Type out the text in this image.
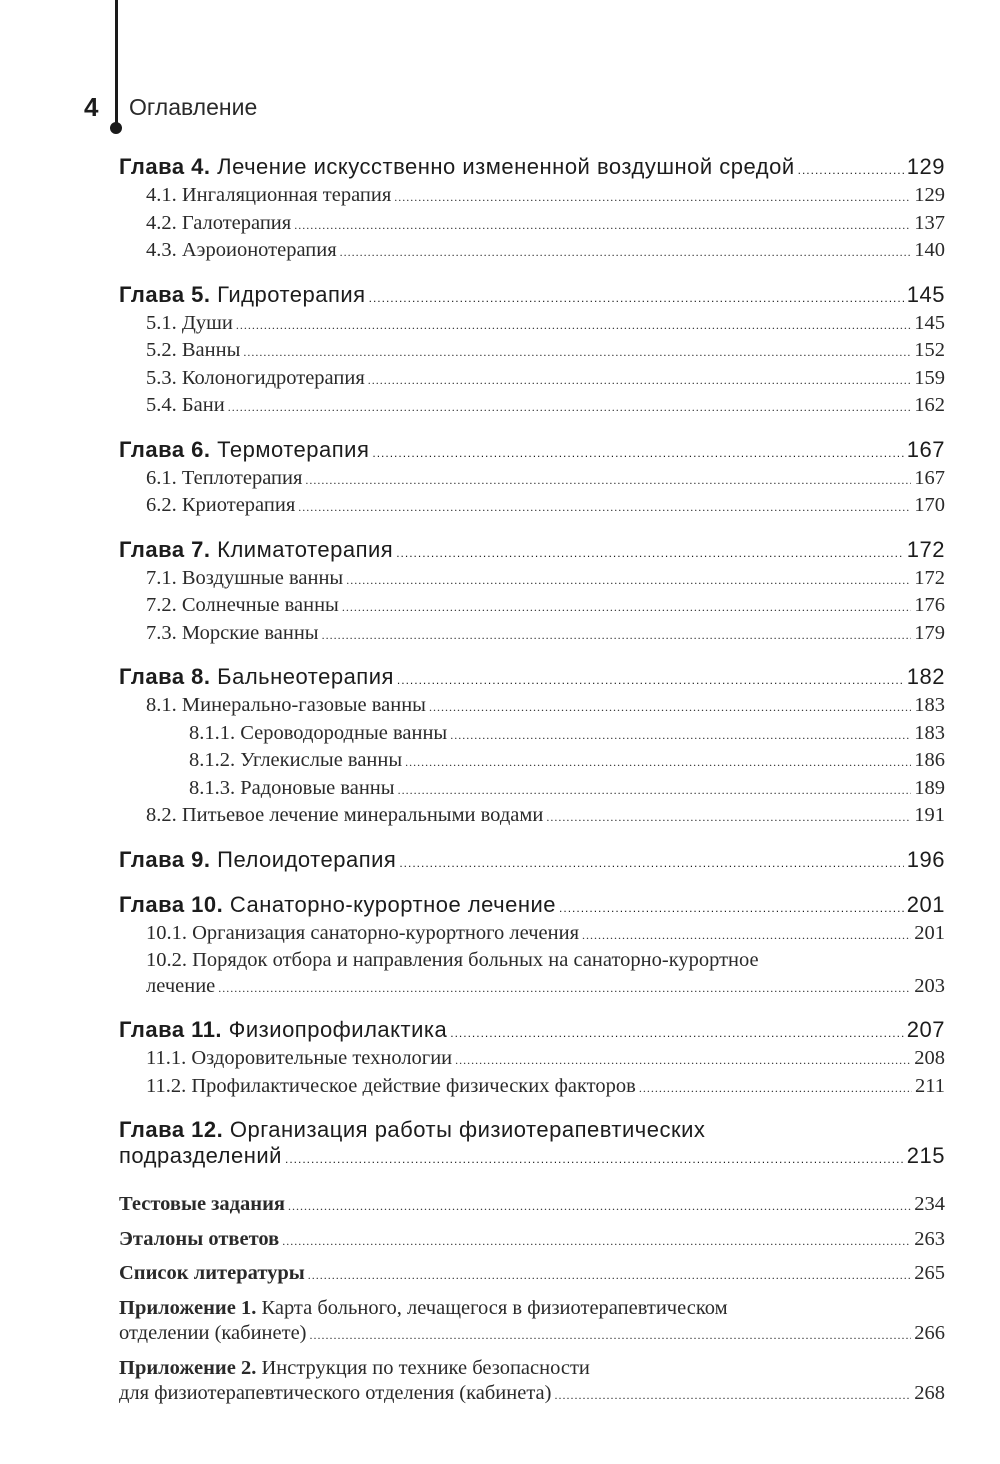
4 Оглавление
Глава 4. Лечение искусственно измененной воздушной средой .....	129
4.1. Ингаляционная терапия .....	129
4.2. Галотерапия .....	137
4.3. Аэроионотерапия .....	140
Глава 5. Гидротерапия .....	145
5.1. Души .....	145
5.2. Ванны .....	152
5.3. Колоногидротерапия .....	159
5.4. Бани .....	162
Глава 6. Термотерапия .....	167
6.1. Теплотерапия .....	167
6.2. Криотерапия .....	170
Глава 7. Климатотерапия .....	172
7.1. Воздушные ванны .....	172
7.2. Солнечные ванны .....	176
7.3. Морские ванны .....	179
Глава 8. Бальнеотерапия .....	182
8.1. Минерально-газовые ванны .....	183
8.1.1. Сероводородные ванны .....	183
8.1.2. Углекислые ванны .....	186
8.1.3. Радоновые ванны .....	189
8.2. Питьевое лечение минеральными водами .....	191
Глава 9. Пелоидотерапия .....	196
Глава 10. Санаторно-курортное лечение .....	201
10.1. Организация санаторно-курортного лечения .....	201
10.2. Порядок отбора и направления больных на санаторно-курортное
лечение .....	203
Глава 11. Физиопрофилактика .....	207
11.1. Оздоровительные технологии .....	208
11.2. Профилактическое действие физических факторов .....	211
Глава 12. Организация работы физиотерапевтических
подразделений .....	215
Тестовые задания .....	234
Эталоны ответов .....	263
Список литературы .....	265
Приложение 1. Карта больного, лечащегося в физиотерапевтическом
отделении (кабинете) .....	266
Приложение 2. Инструкция по технике безопасности
для физиотерапевтического отделения (кабинета) .....	268
